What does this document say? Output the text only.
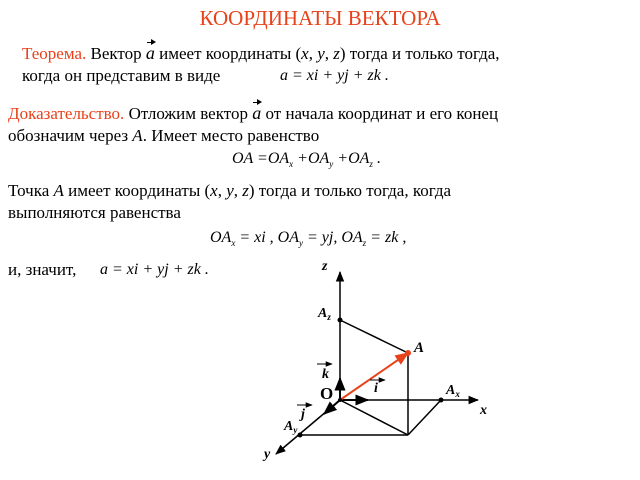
КООРДИНАТЫ ВЕКТОРА
Теорема. Вектор a имеет координаты (x, y, z) тогда и только тогда,
когда он представим в виде	a = xi + yj + zk .
Доказательство. Отложим вектор a от начала координат и его конец
обозначим через A. Имеет место равенство
OA $=OA_x +OA_y +OA_z$ .
Точка A имеет координаты (x, y, z) тогда и только тогда, когда
выполняются равенства
$OA_x$ = xi , $OA_y$ = yj, $OA_z$ = zk ,
и, значит, a = xi + yj + zk .	z
x
y
O
A
$A_z$
$A_x$
$A_y$
k
i
j
